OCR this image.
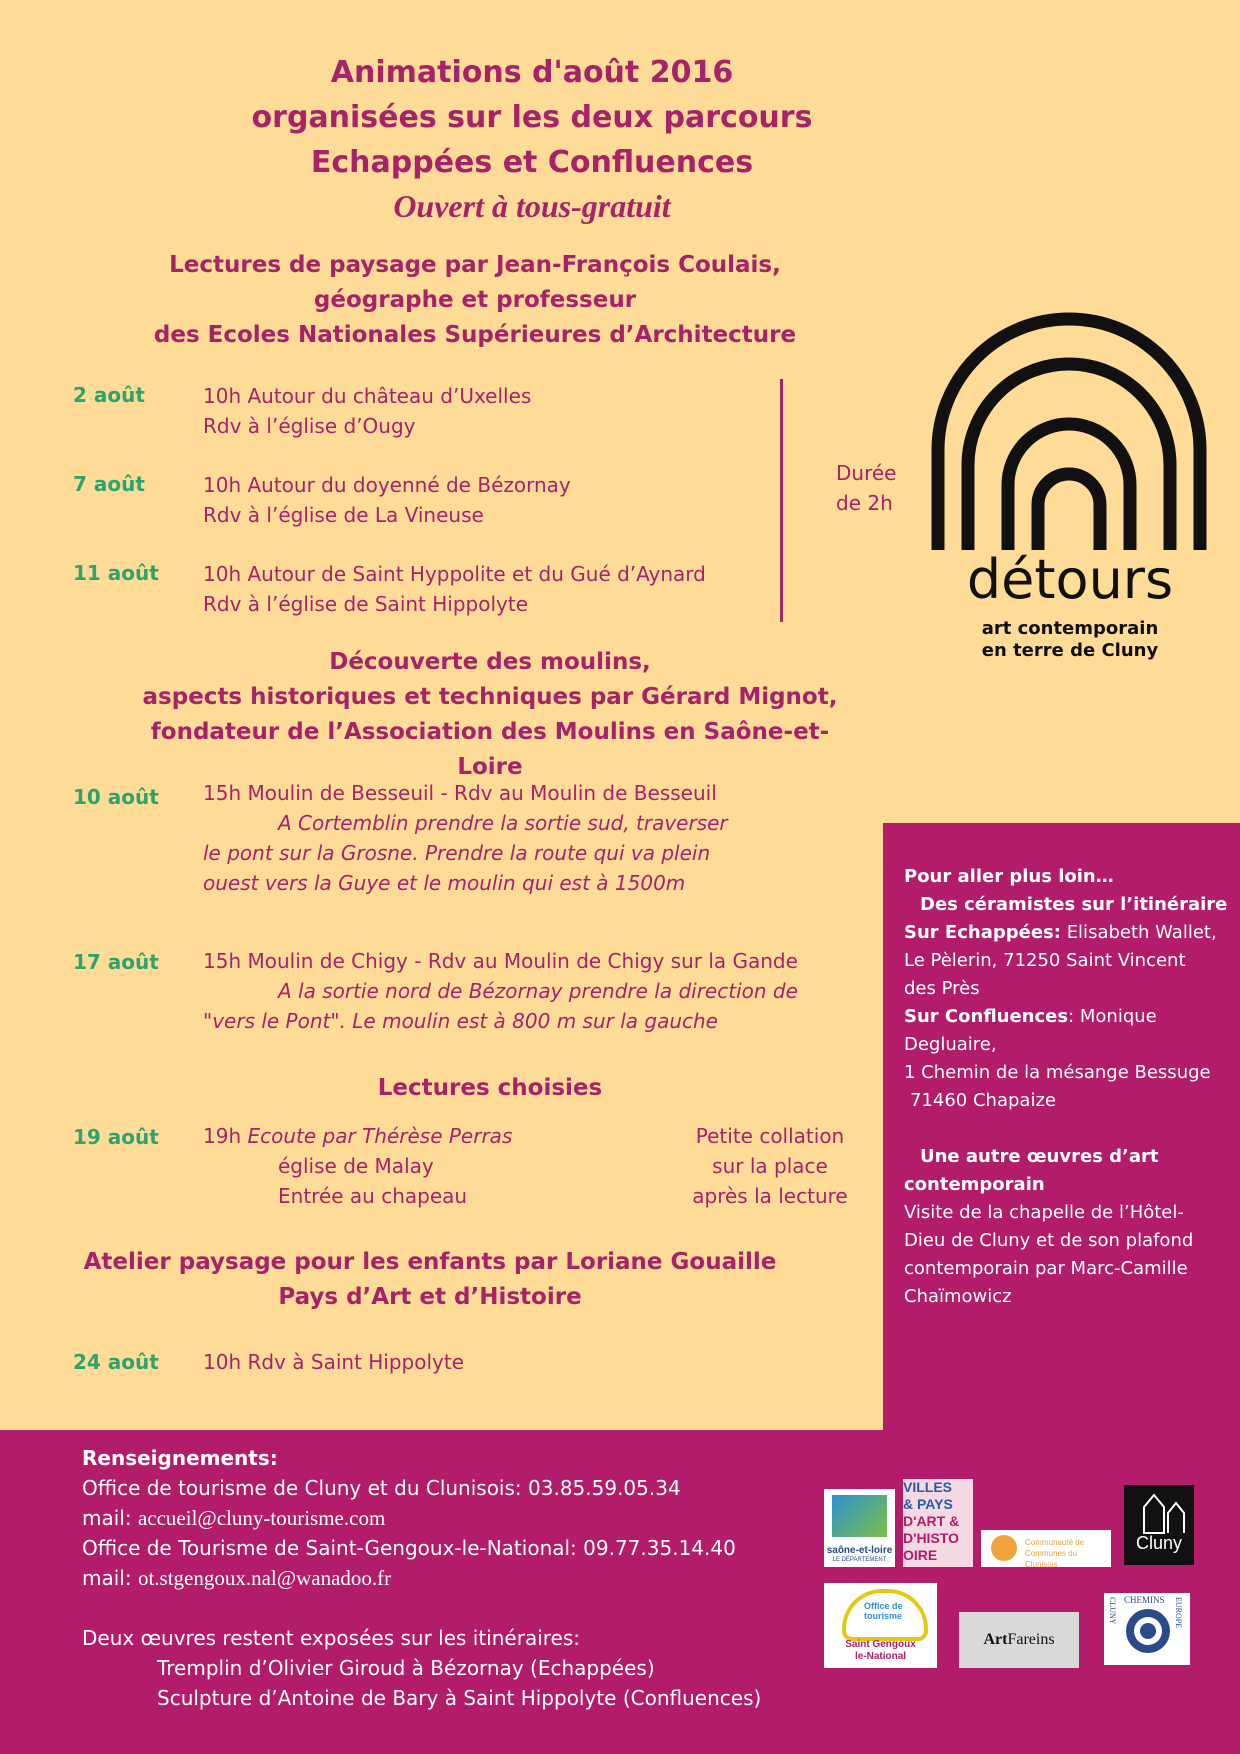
Animations d'août 2016
organisées sur les deux parcours
Echappées et Confluences
Ouvert à tous-gratuit
Lectures de paysage par Jean-François Coulais,
géographe et professeur
des Ecoles Nationales Supérieures d’Architecture
2 août	10h Autour du château d’Uxelles
Rdv à l’église d’Ougy
7 août	10h Autour du doyenné de Bézornay
Rdv à l’église de La Vineuse
11 août 10h Autour de Saint Hyppolite et du Gué d’Aynard
Rdv à l’église de Saint Hippolyte
Durée
de 2h
détours
art contemporain
en terre de Cluny
Découverte des moulins,
aspects historiques et techniques par Gérard Mignot,
fondateur de l’Association des Moulins en Saône-et-Loire
10 août 15h Moulin de Besseuil - Rdv au Moulin de Besseuil
A Cortemblin prendre la sortie sud, traverser
le pont sur la Grosne. Prendre la route qui va plein
ouest vers la Guye et le moulin qui est à 1500m
17 août 15h Moulin de Chigy - Rdv au Moulin de Chigy sur la Gande
A la sortie nord de Bézornay prendre la direction de
"vers le Pont". Le moulin est à 800 m sur la gauche
Lectures choisies
19 août 19h Ecoute par Thérèse Perras
église de Malay
Entrée au chapeau
Petite collation
sur la place
après la lecture
Atelier paysage pour les enfants par Loriane Gouaille
Pays d’Art et d’Histoire
24 août 10h Rdv à Saint Hippolyte
Pour aller plus loin…
Des céramistes sur l’itinéraire
Sur Echappées: Elisabeth Wallet,
Le Pèlerin, 71250 Saint Vincent
des Près
Sur Confluences: Monique
Degluaire,
1 Chemin de la mésange Bessuge
71460 Chapaize
Une autre œuvres d’art
contemporain
Visite de la chapelle de l’Hôtel-
Dieu de Cluny et de son plafond
contemporain par Marc-Camille
Chaïmowicz
Renseignements:
Office de tourisme de Cluny et du Clunisois: 03.85.59.05.34
mail: accueil@cluny-tourisme.com
Office de Tourisme de Saint-Gengoux-le-National: 09.77.35.14.40
mail: ot.stgengoux.nal@wanadoo.fr
Deux œuvres restent exposées sur les itinéraires:
Tremplin d’Olivier Giroud à Bézornay (Echappées)
Sculpture d’Antoine de Bary à Saint Hippolyte (Confluences)
saône-et-loire
LE DÉPARTEMENT
VILLES
& PAYS
D'ART &
D'HISTO
OIRE
Communauté de
Communes du Clunisois
Cluny
Office de
tourisme
Saint Gengoux
le-National
ArtFareins
CHEMINS EUROPE
CLUNY
